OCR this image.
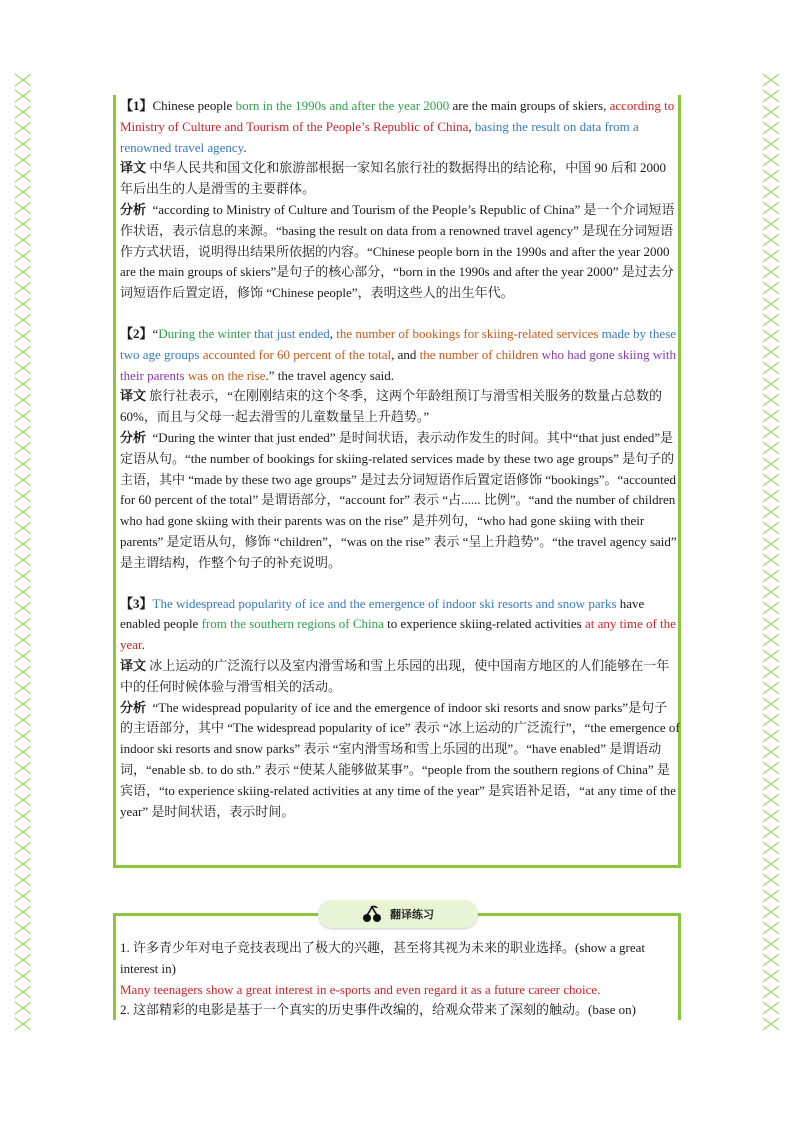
【1】Chinese people born in the 1990s and after the year 2000 are the main groups of skiers, according to Ministry of Culture and Tourism of the People’s Republic of China, basing the result on data from a renowned travel agency.

译文 中华人民共和国文化和旅游部根据一家知名旅行社的数据得出的结论称，中国 90 后和 2000 年后出生的人是滑雪的主要群体。

分析 “according to Ministry of Culture and Tourism of the People’s Republic of China” 是一个介词短语作状语，表示信息的来源。“basing the result on data from a renowned travel agency” 是现在分词短语作方式状语，说明得出结果所依据的内容。“Chinese people born in the 1990s and after the year 2000 are the main groups of skiers”是句子的核心部分，“born in the 1990s and after the year 2000” 是过去分词短语作后置定语，修饰 “Chinese people”，表明这些人的出生年代。

【2】“During the winter that just ended, the number of bookings for skiing-related services made by these two age groups accounted for 60 percent of the total, and the number of children who had gone skiing with their parents was on the rise.” the travel agency said.

译文 旅行社表示，“在刚刚结束的这个冬季，这两个年龄组预订与滑雪相关服务的数量占总数的 60%，而且与父母一起去滑雪的儿童数量呈上升趋势。”

分析 “During the winter that just ended” 是时间状语，表示动作发生的时间。其中“that just ended”是定语从句。“the number of bookings for skiing-related services made by these two age groups” 是句子的主语，其中 “made by these two age groups” 是过去分词短语作后置定语修饰 “bookings”。“accounted for 60 percent of the total” 是谓语部分，“account for” 表示 “占...... 比例”。“and the number of children who had gone skiing with their parents was on the rise” 是并列句，“who had gone skiing with their parents” 是定语从句，修饰 “children”，“was on the rise” 表示 “呈上升趋势”。“the travel agency said” 是主谓结构，作整个句子的补充说明。

【3】The widespread popularity of ice and the emergence of indoor ski resorts and snow parks have enabled people from the southern regions of China to experience skiing-related activities at any time of the year.

译文 冰上运动的广泛流行以及室内滑雪场和雪上乐园的出现，使中国南方地区的人们能够在一年中的任何时候体验与滑雪相关的活动。

分析 “The widespread popularity of ice and the emergence of indoor ski resorts and snow parks”是句子的主语部分，其中 “The widespread popularity of ice” 表示 “冰上运动的广泛流行”，“the emergence of indoor ski resorts and snow parks” 表示 “室内滑雪场和雪上乐园的出现”。“have enabled” 是谓语动词，“enable sb. to do sth.” 表示 “使某人能够做某事”。“people from the southern regions of China” 是宾语，“to experience skiing-related activities at any time of the year” 是宾语补足语，“at any time of the year” 是时间状语，表示时间。

翻译练习

1. 许多青少年对电子竞技表现出了极大的兴趣，甚至将其视为未来的职业选择。(show a great interest in)

Many teenagers show a great interest in e-sports and even regard it as a future career choice.

2. 这部精彩的电影是基于一个真实的历史事件改编的，给观众带来了深刻的触动。(base on)
